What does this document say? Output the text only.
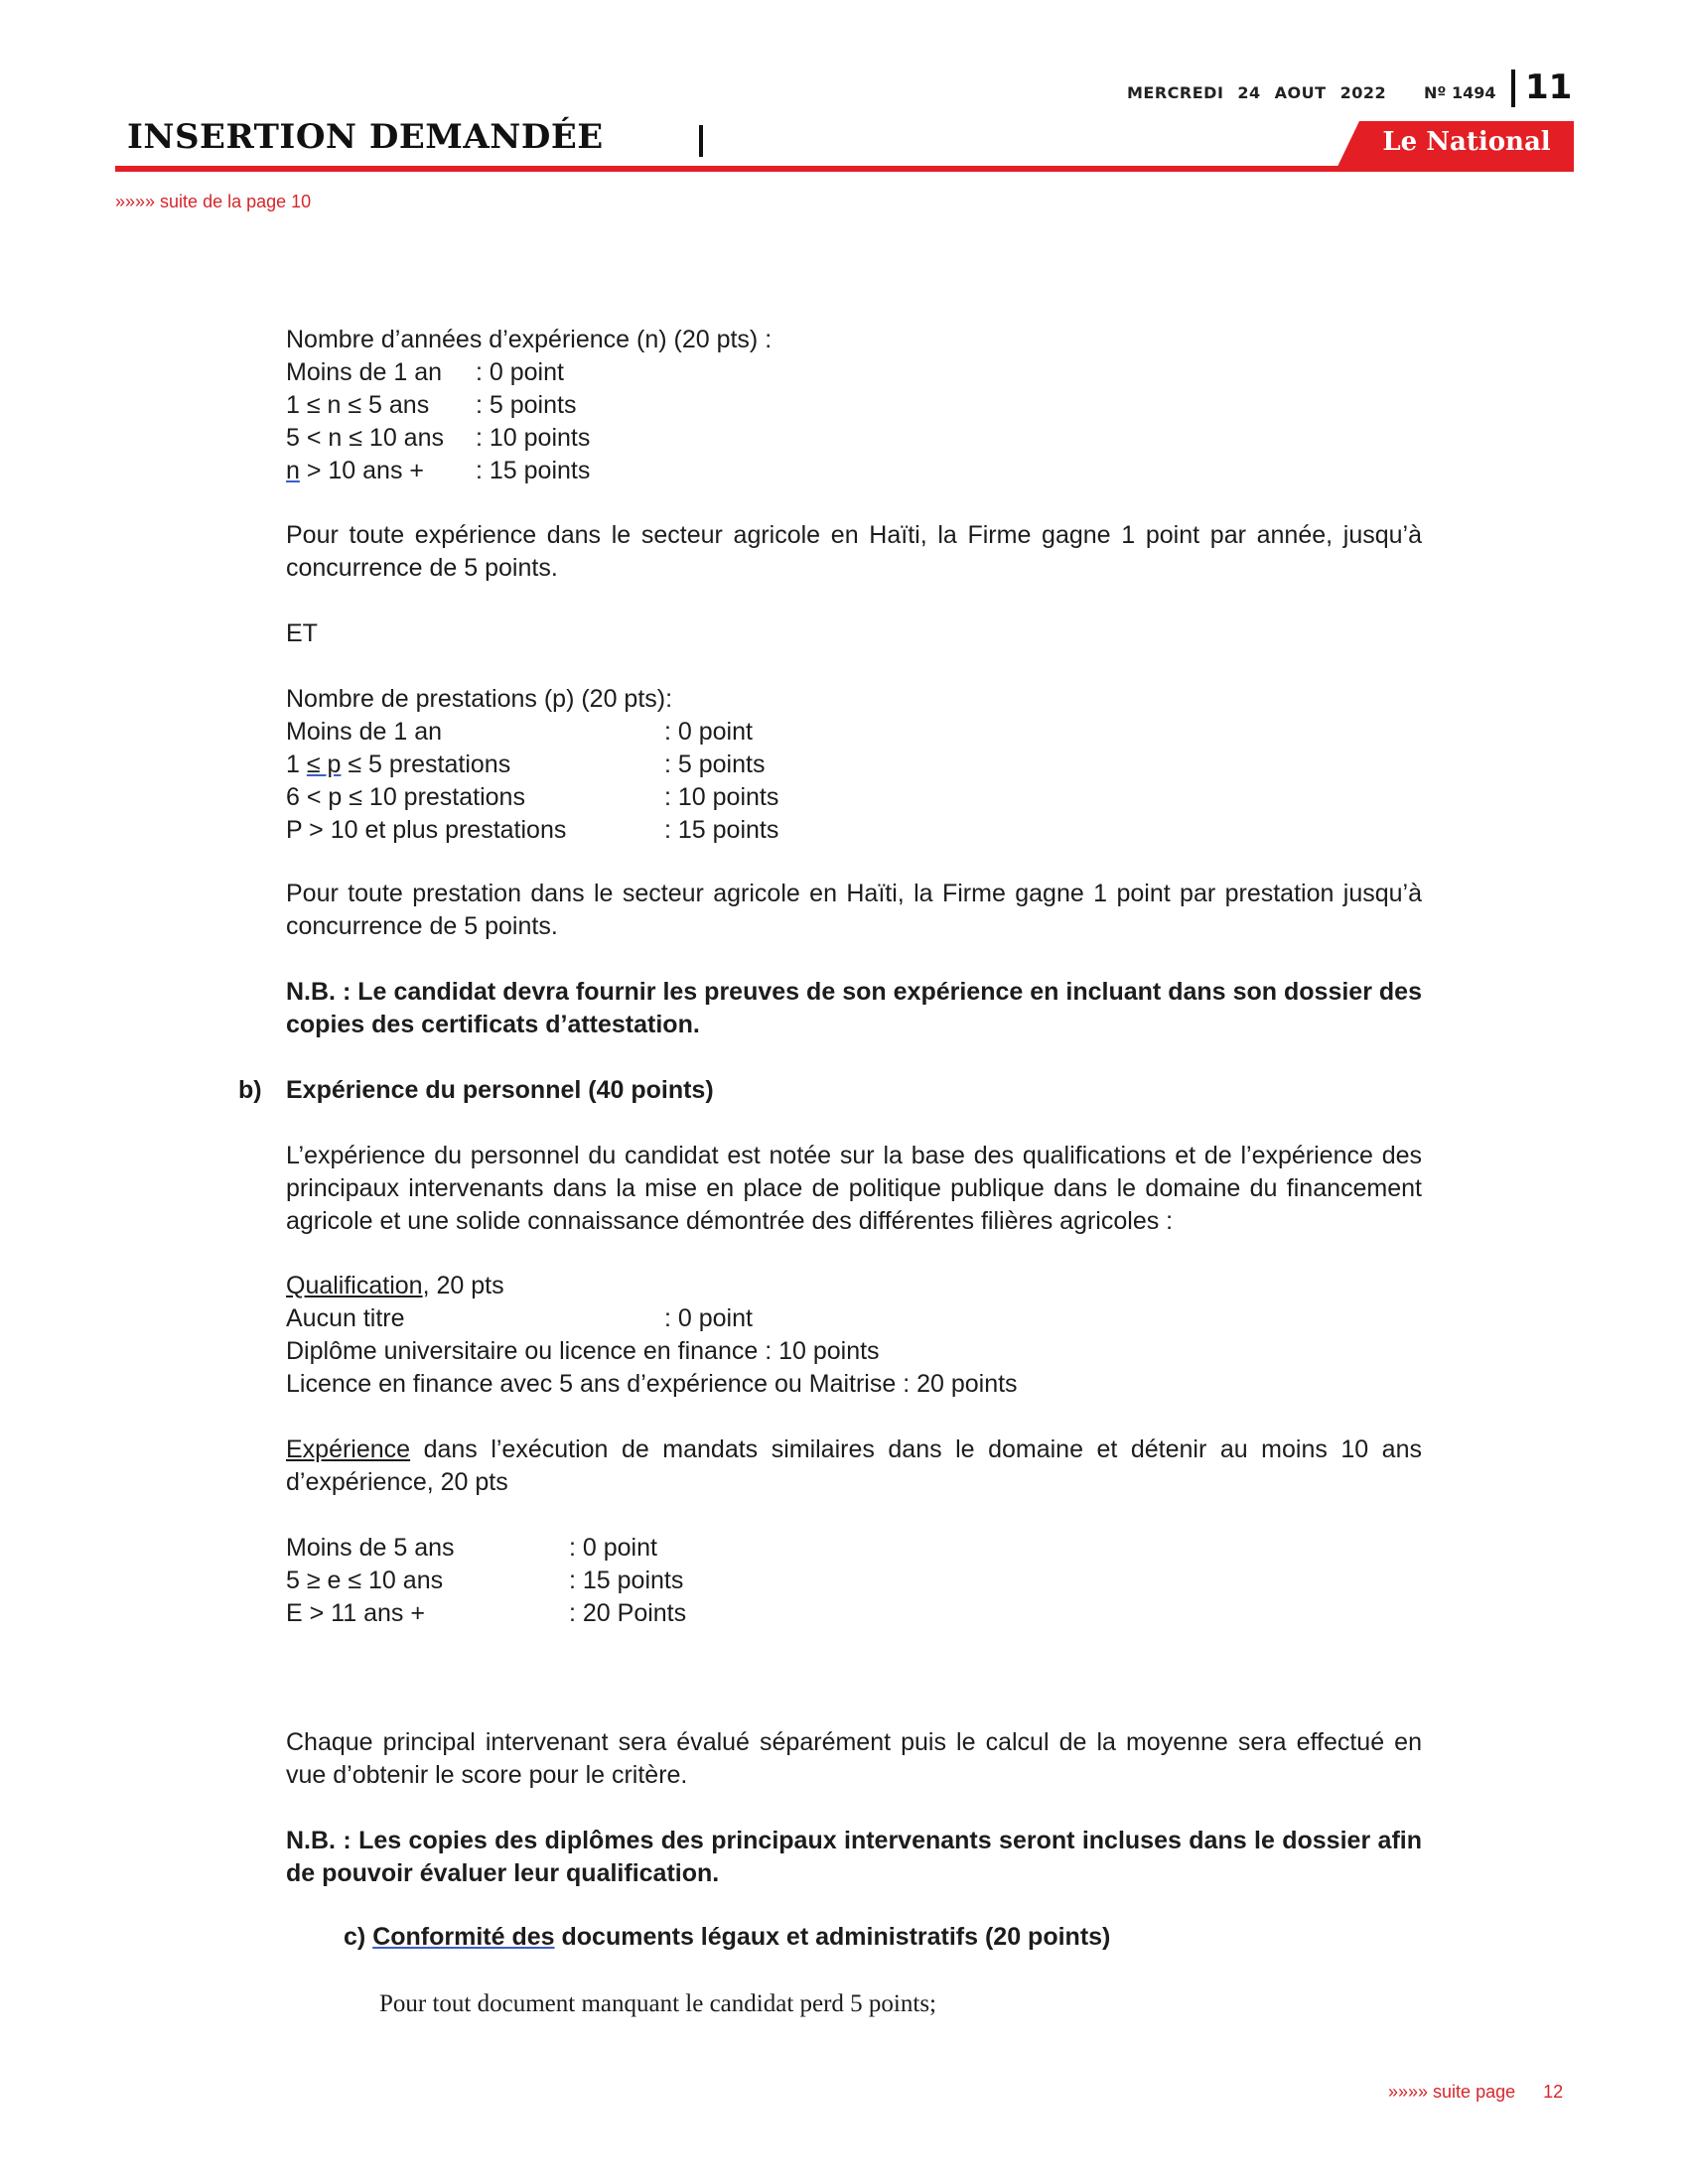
MERCREDI 24 AOUT 2022	Nº 1494 11
INSERTION DEMANDÉE	Le National
»»»» suite de la page 10
Nombre d’années d’expérience (n) (20 pts) :
Moins de 1 an : 0 point
1 ≤ n ≤ 5 ans : 5 points
5 < n ≤ 10 ans : 10 points
n > 10 ans + : 15 points
Pour toute expérience dans le secteur agricole en Haïti, la Firme gagne 1 point par année, jusqu’à concurrence de 5 points.
ET
Nombre de prestations (p) (20 pts):
Moins de 1 an	: 0 point
1 ≤ p ≤ 5 prestations	: 5 points
6 < p ≤ 10 prestations	: 10 points
P > 10 et plus prestations	: 15 points
Pour toute prestation dans le secteur agricole en Haïti, la Firme gagne 1 point par prestation jusqu’à concurrence de 5 points.
N.B. : Le candidat devra fournir les preuves de son expérience en incluant dans son dossier des copies des certificats d’attestation.
b) Expérience du personnel (40 points)
L’expérience du personnel du candidat est notée sur la base des qualifications et de l’expérience des principaux intervenants dans la mise en place de politique publique dans le domaine du financement agricole et une solide connaissance démontrée des différentes filières agricoles :
Qualification, 20 pts
Aucun titre	: 0 point
Diplôme universitaire ou licence en finance : 10 points
Licence en finance avec 5 ans d’expérience ou Maitrise : 20 points
Expérience dans l’exécution de mandats similaires dans le domaine et détenir au moins 10 ans d’expérience, 20 pts
Moins de 5 ans	: 0 point
5 ≥ e ≤ 10 ans	: 15 points
E > 11 ans +	: 20 Points
Chaque principal intervenant sera évalué séparément puis le calcul de la moyenne sera effectué en vue d’obtenir le score pour le critère.
N.B. : Les copies des diplômes des principaux intervenants seront incluses dans le dossier afin de pouvoir évaluer leur qualification.
c) Conformité des documents légaux et administratifs (20 points)
Pour tout document manquant le candidat perd 5 points;
»»»» suite page 12
